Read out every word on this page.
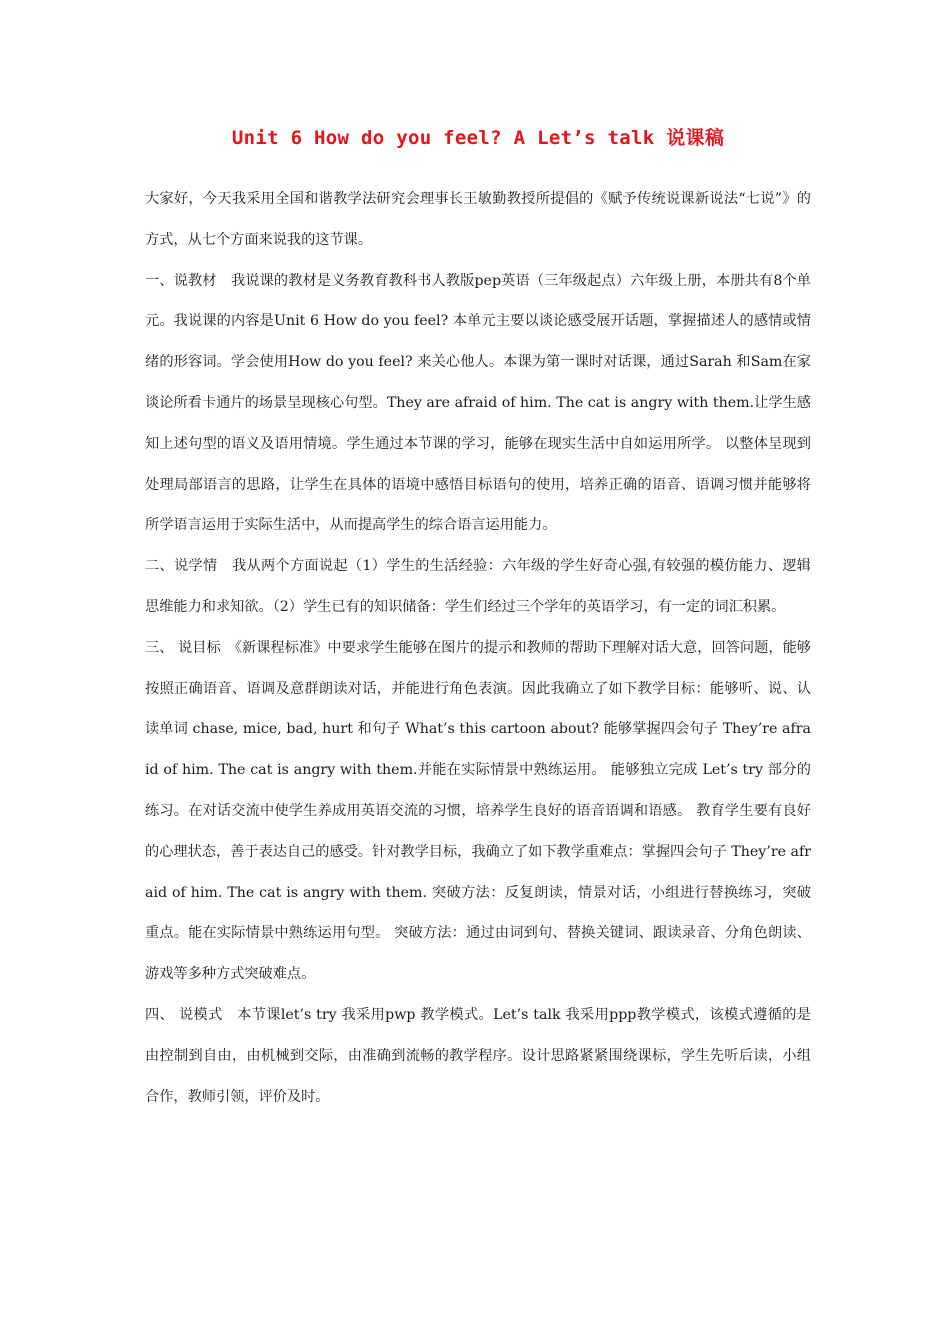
Unit 6 How do you feel? A Let’s talk 说课稿

大家好，今天我采用全国和谐教学法研究会理事长王敏勤教授所提倡的《赋予传统说课新说法“七说”》的方式，从七个方面来说我的这节课。

一、说教材　我说课的教材是义务教育教科书人教版pep英语（三年级起点）六年级上册，本册共有8个单元。我说课的内容是Unit 6 How do you feel? 本单元主要以谈论感受展开话题，掌握描述人的感情或情绪的形容词。学会使用How do you feel? 来关心他人。本课为第一课时对话课，通过Sarah 和Sam在家谈论所看卡通片的场景呈现核心句型。They are afraid of him. The cat is angry with them.让学生感知上述句型的语义及语用情境。学生通过本节课的学习，能够在现实生活中自如运用所学。 以整体呈现到处理局部语言的思路，让学生在具体的语境中感悟目标语句的使用，培养正确的语音、语调习惯并能够将所学语言运用于实际生活中，从而提高学生的综合语言运用能力。

二、说学情　我从两个方面说起（1）学生的生活经验：六年级的学生好奇心强,有较强的模仿能力、逻辑思维能力和求知欲。（2）学生已有的知识储备：学生们经过三个学年的英语学习，有一定的词汇积累。

三、 说目标　《新课程标准》中要求学生能够在图片的提示和教师的帮助下理解对话大意，回答问题，能够按照正确语音、语调及意群朗读对话，并能进行角色表演。因此我确立了如下教学目标：能够听、说、认读单词 chase, mice, bad, hurt 和句子 What’s this cartoon about? 能够掌握四会句子 They’re afraid of him. The cat is angry with them.并能在实际情景中熟练运用。 能够独立完成 Let’s try 部分的练习。在对话交流中使学生养成用英语交流的习惯，培养学生良好的语音语调和语感。 教育学生要有良好的心理状态，善于表达自己的感受。针对教学目标，我确立了如下教学重难点：掌握四会句子 They’re afraid of him. The cat is angry with them. 突破方法：反复朗读，情景对话，小组进行替换练习，突破重点。能在实际情景中熟练运用句型。 突破方法：通过由词到句、替换关键词、跟读录音、分角色朗读、游戏等多种方式突破难点。

四、 说模式　本节课let’s try 我采用pwp 教学模式。Let’s talk 我采用ppp教学模式，该模式遵循的是由控制到自由，由机械到交际，由准确到流畅的教学程序。设计思路紧紧围绕课标，学生先听后读，小组合作，教师引领，评价及时。
